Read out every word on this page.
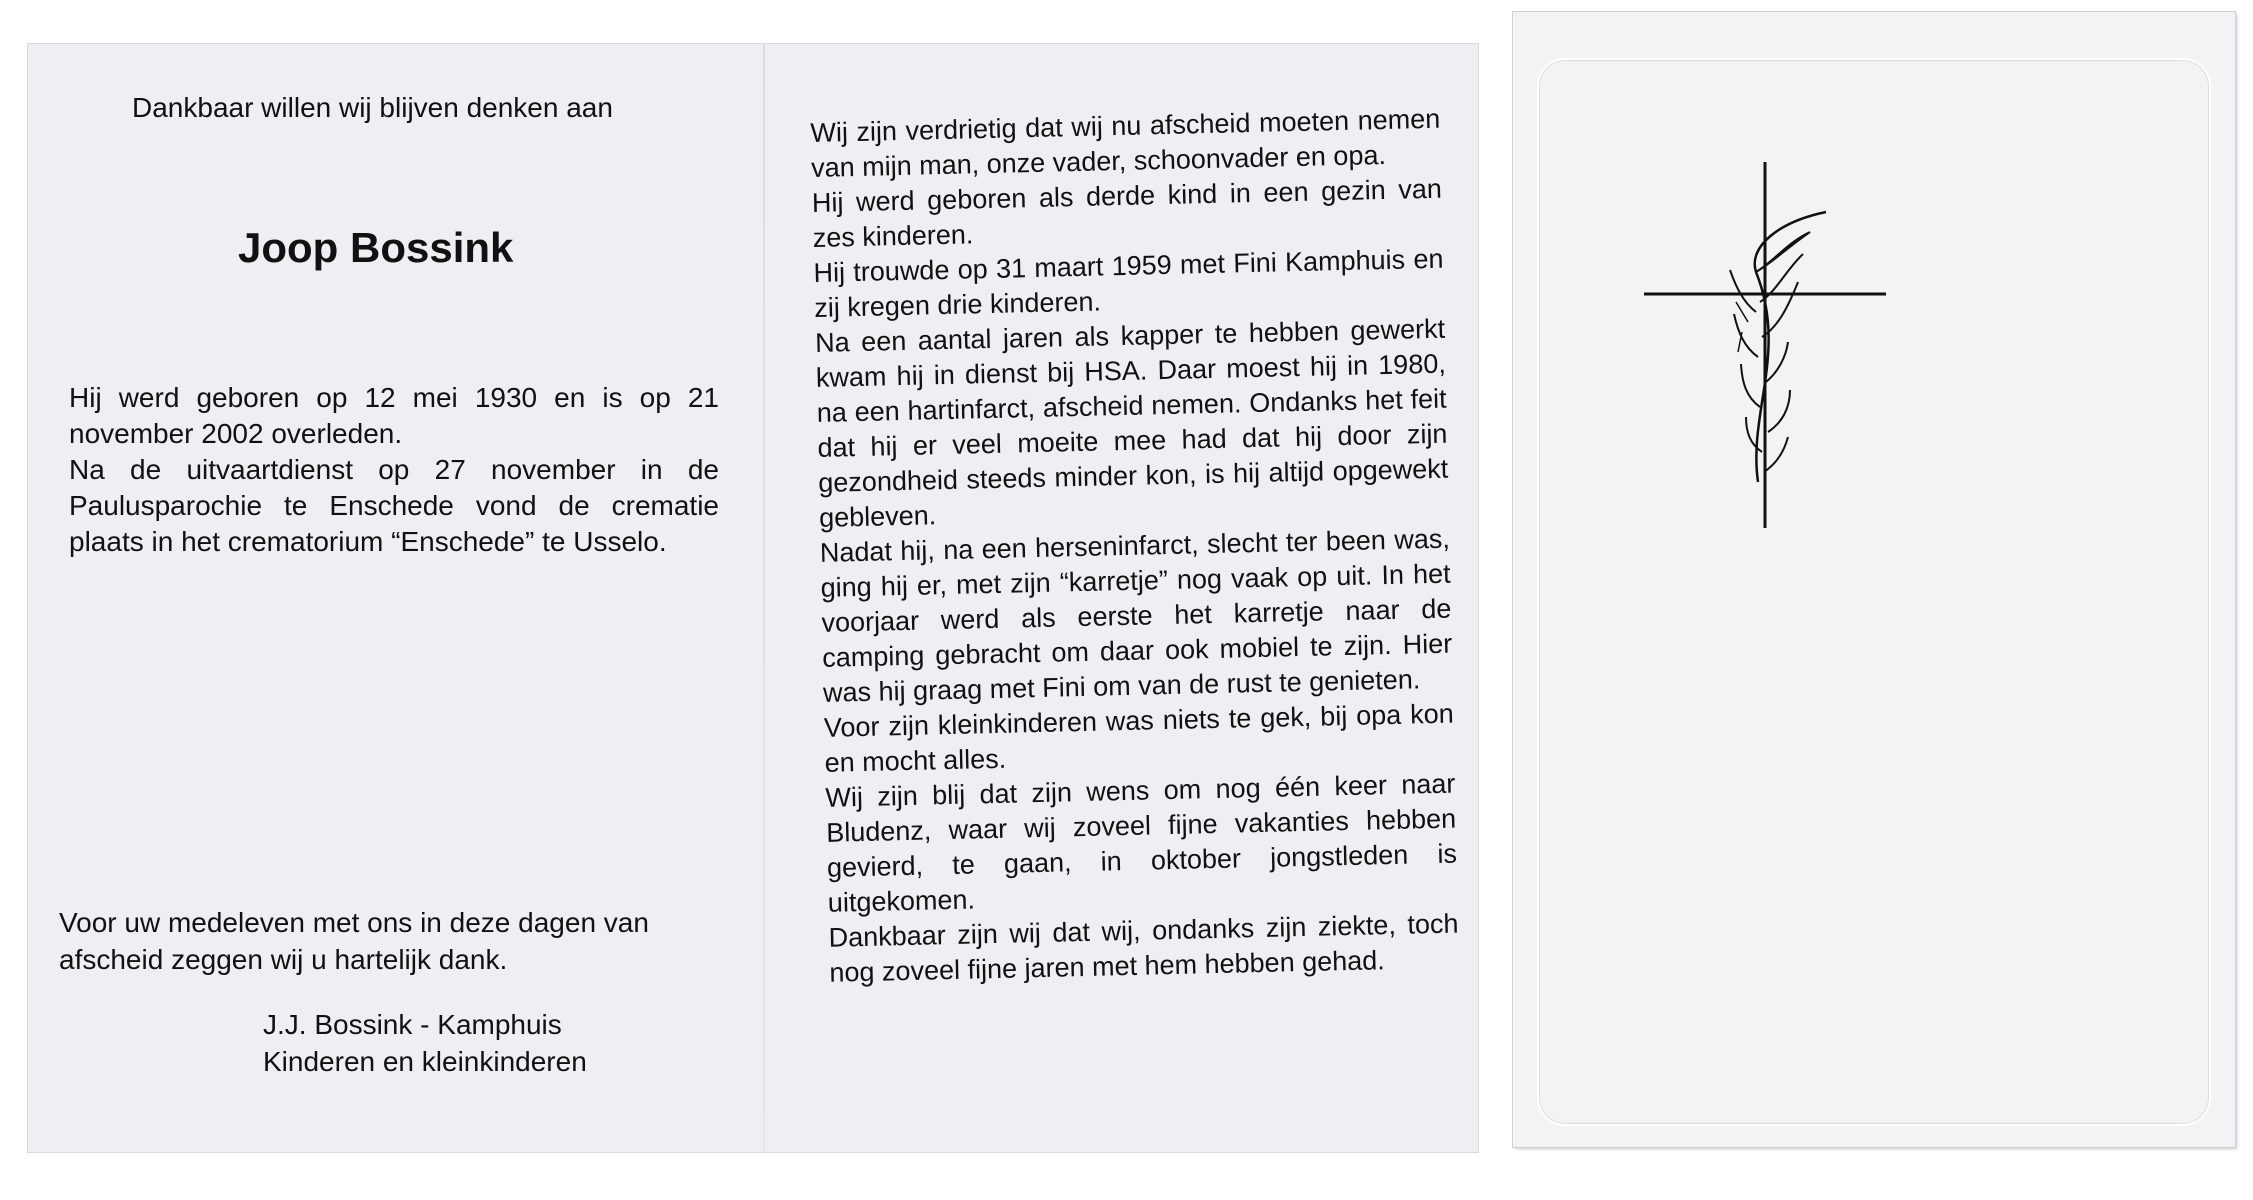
Dankbaar willen wij blijven denken aan
Joop Bossink

Hij werd geboren op 12 mei 1930 en is op 21 november 2002 overleden.

Na de uitvaartdienst op 27 november in de Paulusparochie te Enschede vond de crematie plaats in het crematorium “Enschede” te Usselo.

Voor uw medeleven met ons in deze dagen van afscheid zeggen wij u hartelijk dank.
J.J. Bossink - Kamphuis
Kinderen en kleinkinderen

Wij zijn verdrietig dat wij nu afscheid moeten nemen van mijn man, onze vader, schoonvader en opa.

Hij werd geboren als derde kind in een gezin van zes kinderen.

Hij trouwde op 31 maart 1959 met Fini Kamphuis en zij kregen drie kinderen.

Na een aantal jaren als kapper te hebben gewerkt kwam hij in dienst bij HSA. Daar moest hij in 1980, na een hartinfarct, afscheid nemen. Ondanks het feit dat hij er veel moeite mee had dat hij door zijn gezondheid steeds minder kon, is hij altijd opgewekt gebleven.

Nadat hij, na een herseninfarct, slecht ter been was, ging hij er, met zijn “karretje” nog vaak op uit. In het voorjaar werd als eerste het karretje naar de camping gebracht om daar ook mobiel te zijn. Hier was hij graag met Fini om van de rust te genieten.

Voor zijn kleinkinderen was niets te gek, bij opa kon en mocht alles.

Wij zijn blij dat zijn wens om nog één keer naar Bludenz, waar wij zoveel fijne vakanties hebben gevierd, te gaan, in oktober jongstleden is uitgekomen.

Dankbaar zijn wij dat wij, ondanks zijn ziekte, toch nog zoveel fijne jaren met hem hebben gehad.
